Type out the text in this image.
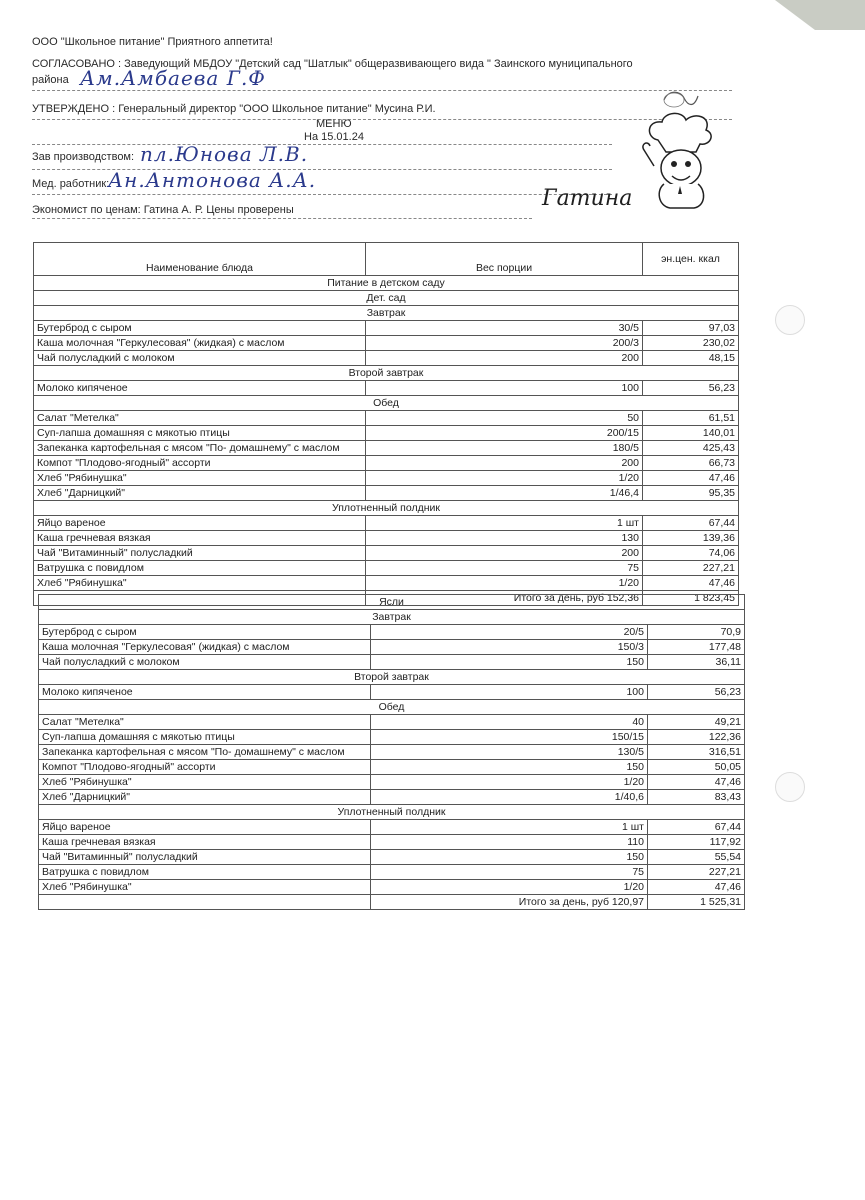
ООО "Школьное питание" Приятного аппетита!
СОГЛАСОВАНО : Заведующий МБДОУ "Детский сад "Шатлык" общеразвивающего вида " Заинского муниципального
района Ам.Амбаева Г.Ф
УТВЕРЖДЕНО : Генеральный директор "ООО Школьное питание" Мусина Р.И.
МЕНЮ
На 15.01.24
Зав производством: пл.Юнова Л.В.
Мед. работник:
Ан.Антонова А.А.
Экономист по ценам: Гатина А. Р. Цены проверены	Гатина
Наименование блюда	Вес порции	эн.цен. ккал
Питание в детском саду		
Дет. сад		
Завтрак		
Бутерброд с сыром	30/5	97,03
Каша молочная "Геркулесовая" (жидкая) с маслом	200/3	230,02
Чай полусладкий с молоком	200	48,15
Второй завтрак		
Молоко кипяченое	100	56,23
Обед		
Салат "Метелка"	50	61,51
Суп-лапша домашняя с мякотью птицы	200/15	140,01
Запеканка картофельная с мясом "По- домашнему" с маслом	180/5	425,43
Компот "Плодово-ягодный" ассорти	200	66,73
Хлеб "Рябинушка"	1/20	47,46
Хлеб "Дарницкий"	1/46,4	95,35
Уплотненный полдник		
Яйцо вареное	1 шт	67,44
Каша гречневая вязкая	130	139,36
Чай "Витаминный" полусладкий	200	74,06
Ватрушка с повидлом	75	227,21
Хлеб "Рябинушка"	1/20	47,46
	Итого за день, руб 152,36	1 823,45
Ясли		
Завтрак		
Бутерброд с сыром	20/5	70,9
Каша молочная "Геркулесовая" (жидкая) с маслом	150/3	177,48
Чай полусладкий с молоком	150	36,11
Второй завтрак		
Молоко кипяченое	100	56,23
Обед		
Салат "Метелка"	40	49,21
Суп-лапша домашняя с мякотью птицы	150/15	122,36
Запеканка картофельная с мясом "По- домашнему" с маслом	130/5	316,51
Компот "Плодово-ягодный" ассорти	150	50,05
Хлеб "Рябинушка"	1/20	47,46
Хлеб "Дарницкий"	1/40,6	83,43
Уплотненный полдник		
Яйцо вареное	1 шт	67,44
Каша гречневая вязкая	110	117,92
Чай "Витаминный" полусладкий	150	55,54
Ватрушка с повидлом	75	227,21
Хлеб "Рябинушка"	1/20	47,46
	Итого за день, руб 120,97	1 525,31
